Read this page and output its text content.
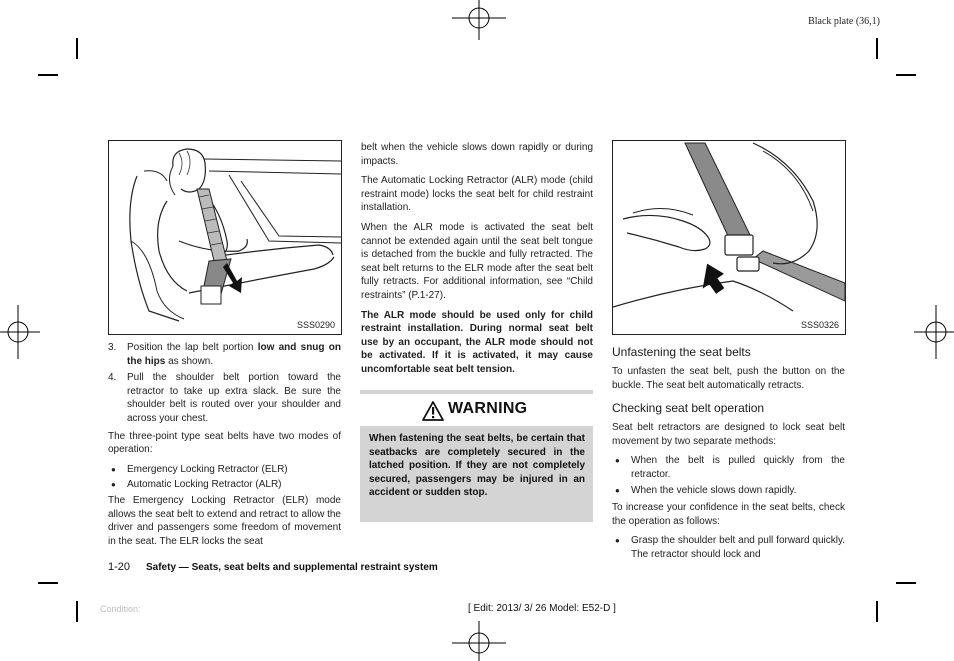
Black plate (36,1)
SSS0290	SSS0326
3. Position the lap belt portion low and snug on the hips as shown.
4. Pull the shoulder belt portion toward the retractor to take up extra slack. Be sure the shoulder belt is routed over your shoulder and across your chest.

The three-point type seat belts have two modes of operation:

● Emergency Locking Retractor (ELR)
● Automatic Locking Retractor (ALR)

The Emergency Locking Retractor (ELR) mode allows the seat belt to extend and retract to allow the driver and passengers some freedom of movement in the seat. The ELR locks the seat

belt when the vehicle slows down rapidly or during impacts.

The Automatic Locking Retractor (ALR) mode (child restraint mode) locks the seat belt for child restraint installation.

When the ALR mode is activated the seat belt cannot be extended again until the seat belt tongue is detached from the buckle and fully retracted. The seat belt returns to the ELR mode after the seat belt fully retracts. For additional information, see “Child restraints” (P.1-27).

The ALR mode should be used only for child restraint installation. During normal seat belt use by an occupant, the ALR mode should not be activated. If it is activated, it may cause uncomfortable seat belt tension.

WARNING
When fastening the seat belts, be certain that seatbacks are completely secured in the latched position. If they are not completely secured, passengers may be injured in an accident or sudden stop.
Unfastening the seat belts

To unfasten the seat belt, push the button on the buckle. The seat belt automatically retracts.

Checking seat belt operation

Seat belt retractors are designed to lock seat belt movement by two separate methods:

● When the belt is pulled quickly from the retractor.
● When the vehicle slows down rapidly.

To increase your confidence in the seat belts, check the operation as follows:

● Grasp the shoulder belt and pull forward quickly. The retractor should lock and
1-20 Safety — Seats, seat belts and supplemental restraint system
Condition:	[ Edit: 2013/ 3/ 26 Model: E52-D ]
